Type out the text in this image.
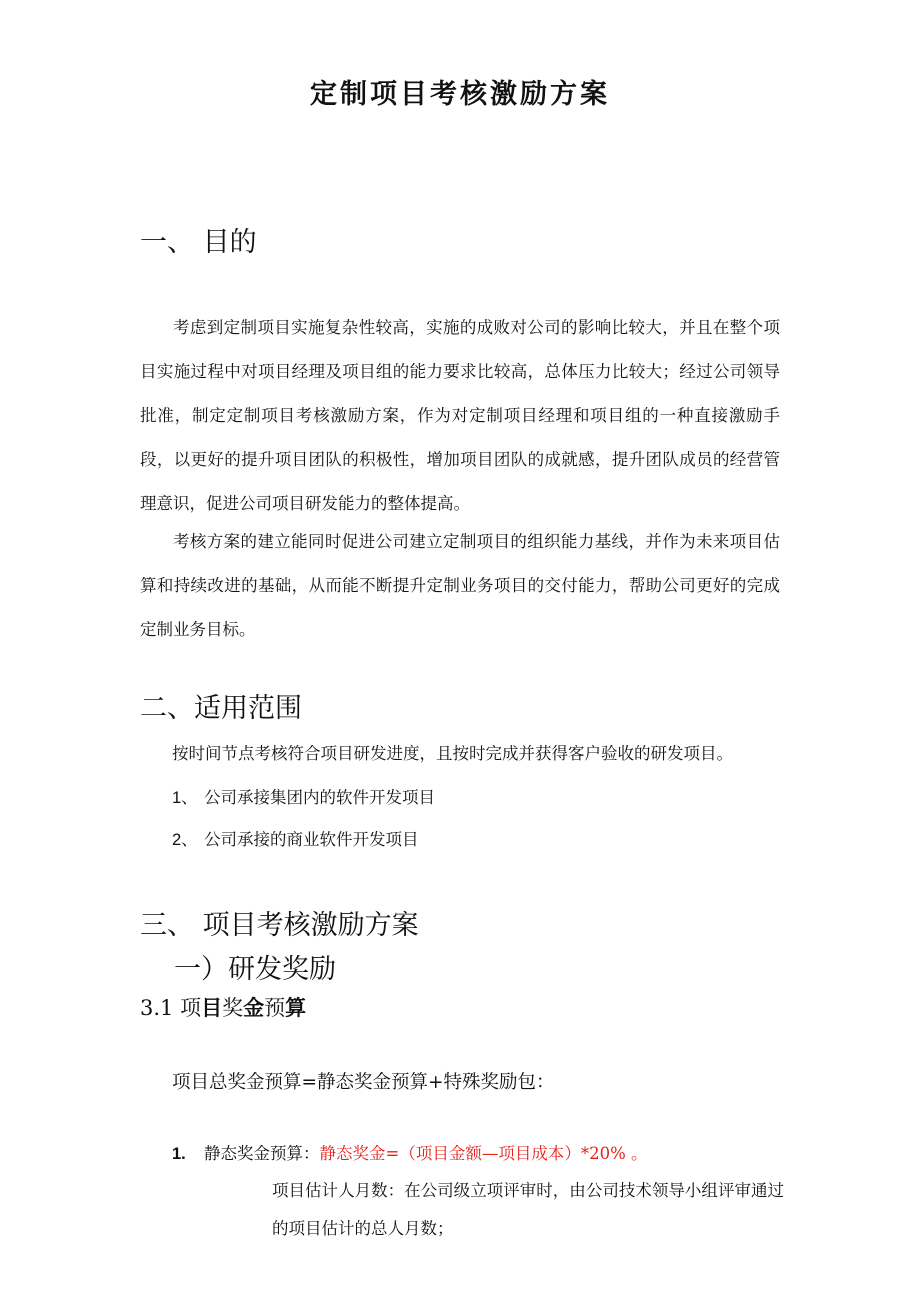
定制项目考核激励方案
一、 目的

考虑到定制项目实施复杂性较高，实施的成败对公司的影响比较大，并且在整个项目实施过程中对项目经理及项目组的能力要求比较高，总体压力比较大；经过公司领导批准，制定定制项目考核激励方案，作为对定制项目经理和项目组的一种直接激励手段，以更好的提升项目团队的积极性，增加项目团队的成就感，提升团队成员的经营管理意识，促进公司项目研发能力的整体提高。

考核方案的建立能同时促进公司建立定制项目的组织能力基线，并作为未来项目估算和持续改进的基础，从而能不断提升定制业务项目的交付能力，帮助公司更好的完成定制业务目标。

二、适用范围
按时间节点考核符合项目研发进度，且按时完成并获得客户验收的研发项目。
1、 公司承接集团内的软件开发项目
2、 公司承接的商业软件开发项目
三、 项目考核激励方案
一）研发奖励
3.1 项目奖金预算
项目总奖金预算=静态奖金预算+特殊奖励包：
1. 静态奖金预算：静态奖金=（项目金额—项目成本）*20% 。

项目估计人月数：在公司级立项评审时，由公司技术领导小组评审通过的项目估计的总人月数；
